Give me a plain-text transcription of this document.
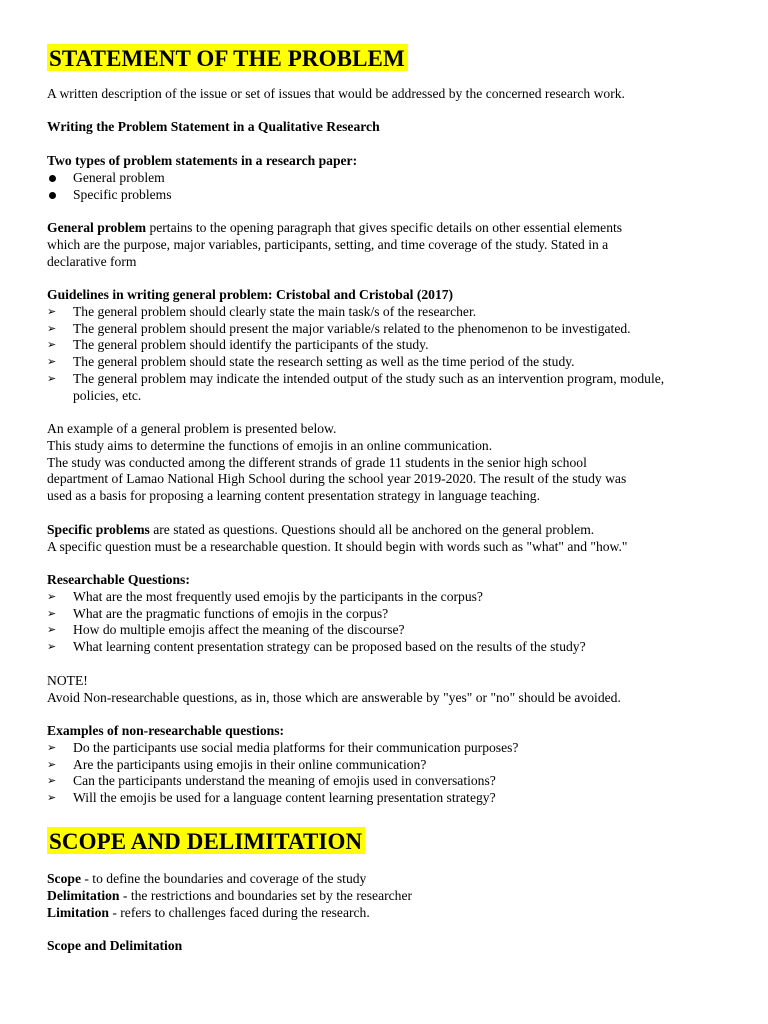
STATEMENT OF THE PROBLEM
A written description of the issue or set of issues that would be addressed by the concerned research work.
Writing the Problem Statement in a Qualitative Research
Two types of problem statements in a research paper:
General problem
Specific problems
General problem pertains to the opening paragraph that gives specific details on other essential elements
which are the purpose, major variables, participants, setting, and time coverage of the study. Stated in a
declarative form
Guidelines in writing general problem: Cristobal and Cristobal (2017)
➢ The general problem should clearly state the main task/s of the researcher.
➢ The general problem should present the major variable/s related to the phenomenon to be investigated.
➢ The general problem should identify the participants of the study.
➢ The general problem should state the research setting as well as the time period of the study.
➢ The general problem may indicate the intended output of the study such as an intervention program, module, policies, etc.
An example of a general problem is presented below.
This study aims to determine the functions of emojis in an online communication.
The study was conducted among the different strands of grade 11 students in the senior high school
department of Lamao National High School during the school year 2019-2020. The result of the study was
used as a basis for proposing a learning content presentation strategy in language teaching.
Specific problems are stated as questions. Questions should all be anchored on the general problem.
A specific question must be a researchable question. It should begin with words such as "what" and "how."
Researchable Questions:
➢ What are the most frequently used emojis by the participants in the corpus?
➢ What are the pragmatic functions of emojis in the corpus?
➢ How do multiple emojis affect the meaning of the discourse?
➢ What learning content presentation strategy can be proposed based on the results of the study?
NOTE!
Avoid Non-researchable questions, as in, those which are answerable by "yes" or "no" should be avoided.
Examples of non-researchable questions:
➢ Do the participants use social media platforms for their communication purposes?
➢ Are the participants using emojis in their online communication?
➢ Can the participants understand the meaning of emojis used in conversations?
➢ Will the emojis be used for a language content learning presentation strategy?
SCOPE AND DELIMITATION
Scope - to define the boundaries and coverage of the study
Delimitation - the restrictions and boundaries set by the researcher
Limitation - refers to challenges faced during the research.
Scope and Delimitation
